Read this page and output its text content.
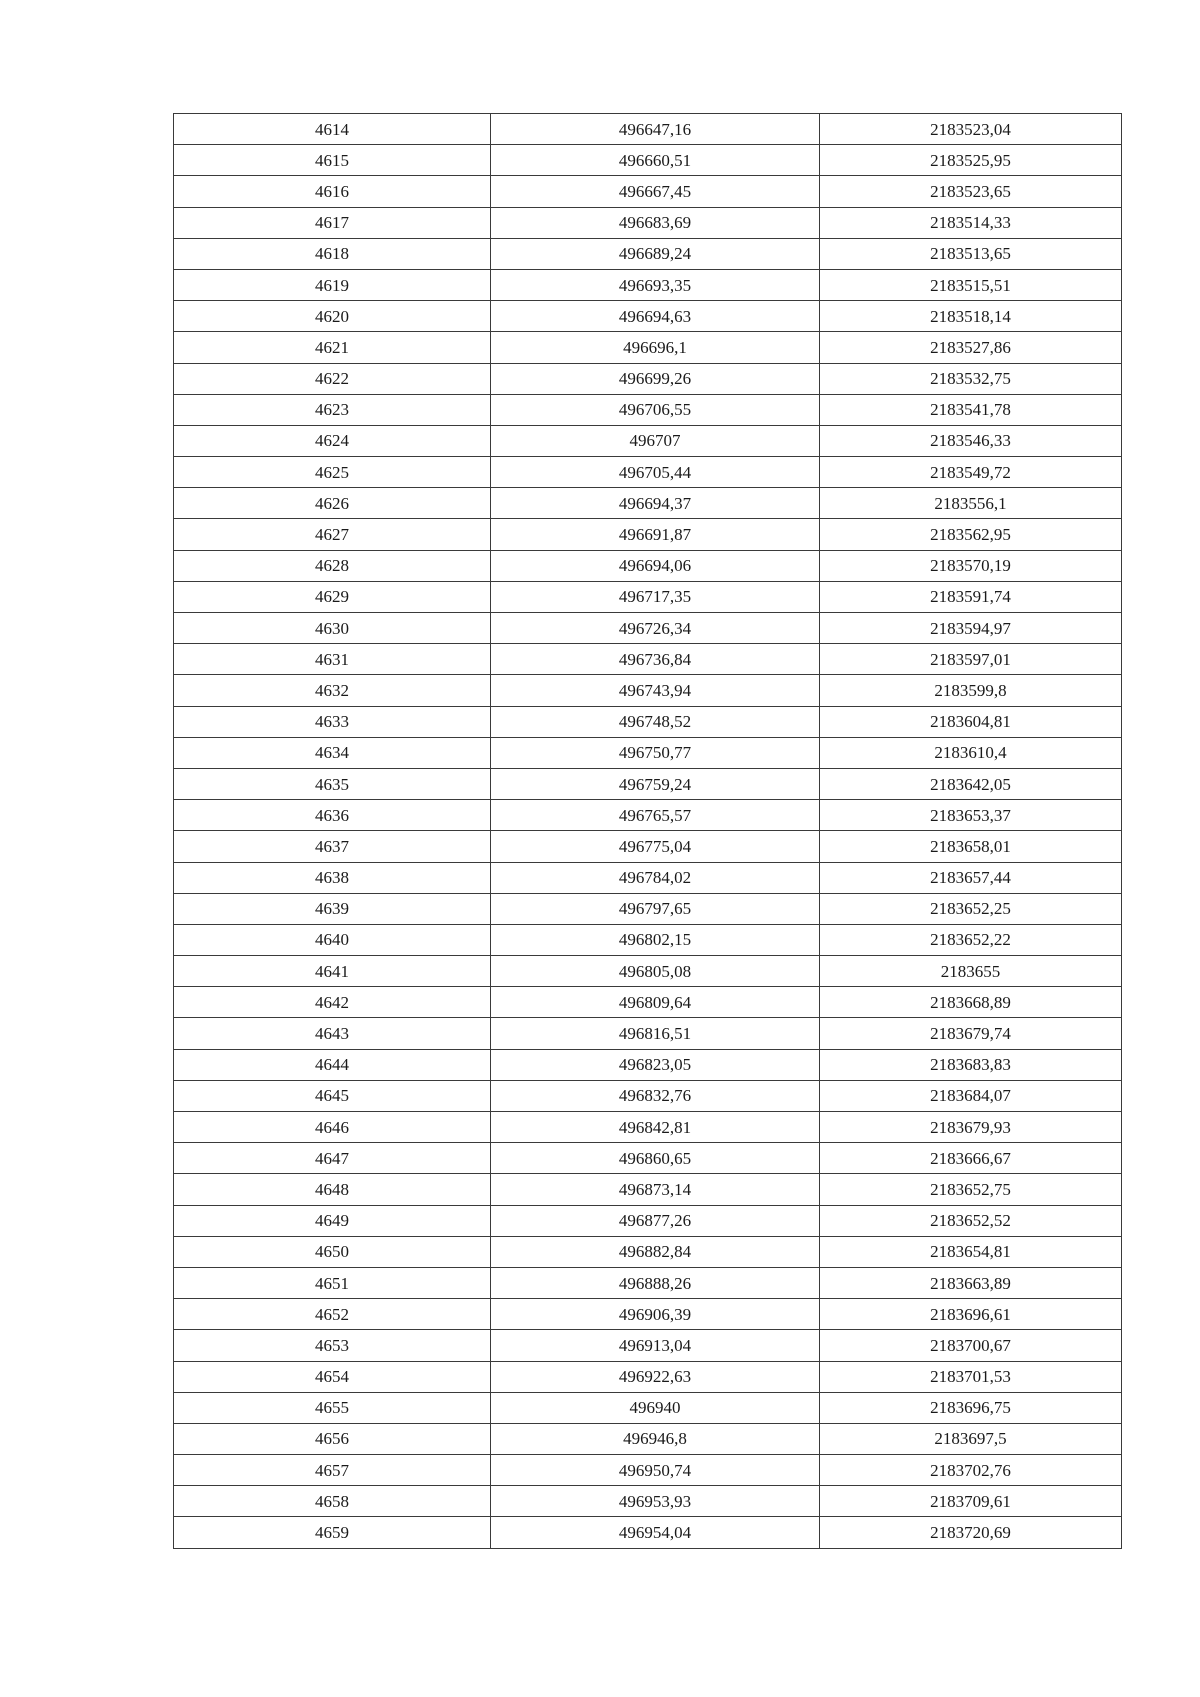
4614	496647,16	2183523,04
4615	496660,51	2183525,95
4616	496667,45	2183523,65
4617	496683,69	2183514,33
4618	496689,24	2183513,65
4619	496693,35	2183515,51
4620	496694,63	2183518,14
4621	496696,1	2183527,86
4622	496699,26	2183532,75
4623	496706,55	2183541,78
4624	496707	2183546,33
4625	496705,44	2183549,72
4626	496694,37	2183556,1
4627	496691,87	2183562,95
4628	496694,06	2183570,19
4629	496717,35	2183591,74
4630	496726,34	2183594,97
4631	496736,84	2183597,01
4632	496743,94	2183599,8
4633	496748,52	2183604,81
4634	496750,77	2183610,4
4635	496759,24	2183642,05
4636	496765,57	2183653,37
4637	496775,04	2183658,01
4638	496784,02	2183657,44
4639	496797,65	2183652,25
4640	496802,15	2183652,22
4641	496805,08	2183655
4642	496809,64	2183668,89
4643	496816,51	2183679,74
4644	496823,05	2183683,83
4645	496832,76	2183684,07
4646	496842,81	2183679,93
4647	496860,65	2183666,67
4648	496873,14	2183652,75
4649	496877,26	2183652,52
4650	496882,84	2183654,81
4651	496888,26	2183663,89
4652	496906,39	2183696,61
4653	496913,04	2183700,67
4654	496922,63	2183701,53
4655	496940	2183696,75
4656	496946,8	2183697,5
4657	496950,74	2183702,76
4658	496953,93	2183709,61
4659	496954,04	2183720,69
